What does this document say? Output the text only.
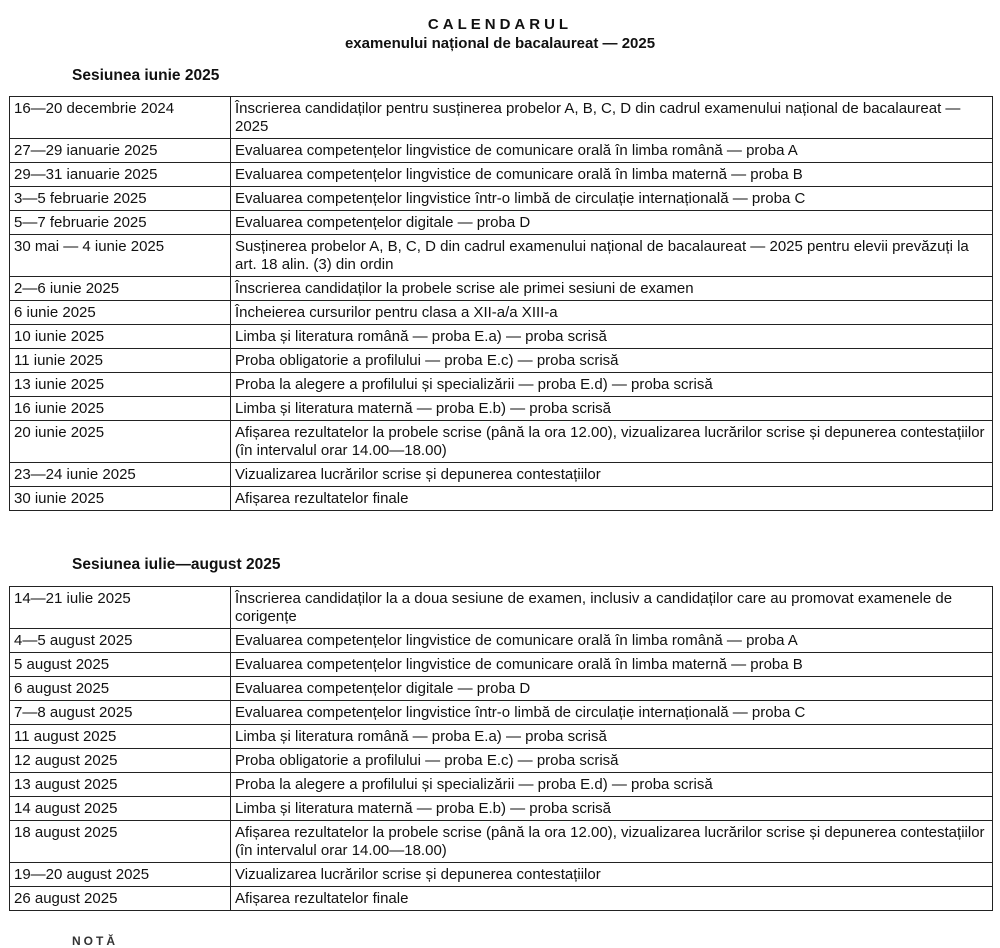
CALENDARUL
examenului național de bacalaureat — 2025
Sesiunea iunie 2025
16—20 decembrie 2024	Înscrierea candidaților pentru susținerea probelor A, B, C, D din cadrul examenului național de bacalaureat — 2025
27—29 ianuarie 2025	Evaluarea competențelor lingvistice de comunicare orală în limba română — proba A
29—31 ianuarie 2025	Evaluarea competențelor lingvistice de comunicare orală în limba maternă — proba B
3—5 februarie 2025	Evaluarea competențelor lingvistice într-o limbă de circulație internațională — proba C
5—7 februarie 2025	Evaluarea competențelor digitale — proba D
30 mai — 4 iunie 2025	Susținerea probelor A, B, C, D din cadrul examenului național de bacalaureat — 2025 pentru elevii prevăzuți la art. 18 alin. (3) din ordin
2—6 iunie 2025	Înscrierea candidaților la probele scrise ale primei sesiuni de examen
6 iunie 2025	Încheierea cursurilor pentru clasa a XII-a/a XIII-a
10 iunie 2025	Limba și literatura română — proba E.a) — proba scrisă
11 iunie 2025	Proba obligatorie a profilului — proba E.c) — proba scrisă
13 iunie 2025	Proba la alegere a profilului și specializării — proba E.d) — proba scrisă
16 iunie 2025	Limba și literatura maternă — proba E.b) — proba scrisă
20 iunie 2025	Afișarea rezultatelor la probele scrise (până la ora 12.00), vizualizarea lucrărilor scrise și depunerea contestațiilor (în intervalul orar 14.00—18.00)
23—24 iunie 2025	Vizualizarea lucrărilor scrise și depunerea contestațiilor
30 iunie 2025	Afișarea rezultatelor finale
Sesiunea iulie—august 2025
14—21 iulie 2025	Înscrierea candidaților la a doua sesiune de examen, inclusiv a candidaților care au promovat examenele de corigențe
4—5 august 2025	Evaluarea competențelor lingvistice de comunicare orală în limba română — proba A
5 august 2025	Evaluarea competențelor lingvistice de comunicare orală în limba maternă — proba B
6 august 2025	Evaluarea competențelor digitale — proba D
7—8 august 2025	Evaluarea competențelor lingvistice într-o limbă de circulație internațională — proba C
11 august 2025	Limba și literatura română — proba E.a) — proba scrisă
12 august 2025	Proba obligatorie a profilului — proba E.c) — proba scrisă
13 august 2025	Proba la alegere a profilului și specializării — proba E.d) — proba scrisă
14 august 2025	Limba și literatura maternă — proba E.b) — proba scrisă
18 august 2025	Afișarea rezultatelor la probele scrise (până la ora 12.00), vizualizarea lucrărilor scrise și depunerea contestațiilor (în intervalul orar 14.00—18.00)
19—20 august 2025	Vizualizarea lucrărilor scrise și depunerea contestațiilor
26 august 2025	Afișarea rezultatelor finale
NOTĂ
